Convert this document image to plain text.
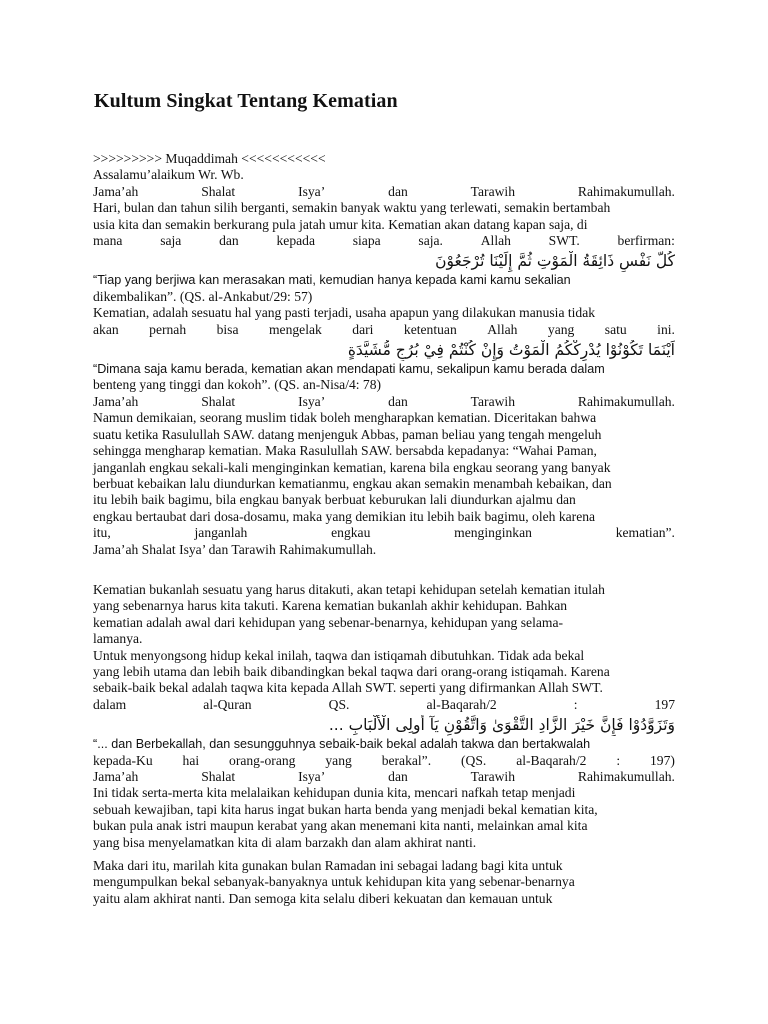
Kultum Singkat Tentang Kematian
>>>>>>>>> Muqaddimah <<<<<<<<<<<
Assalamu’alaikum Wr. Wb.
Jama’ah	Shalat	Isya’	dan	Tarawih	Rahimakumullah.
Hari, bulan dan tahun silih berganti, semakin banyak waktu yang terlewati, semakin bertambah
usia kita dan semakin berkurang pula jatah umur kita. Kematian akan datang kapan saja, di
mana	saja	dan	kepada	siapa	saja.	Allah	SWT.	berfirman:
كُلُّ نَفْسٍ ذَائِقَةُ الْمَوْتِ ثُمَّ إِلَيْنَا تُرْجَعُوْنَ
“Tiap yang berjiwa kan merasakan mati, kemudian hanya kepada kami kamu sekalian
dikembalikan”. (QS. al-Ankabut/29: 57)
Kematian, adalah sesuatu hal yang pasti terjadi, usaha apapun yang dilakukan manusia tidak
akan pernah bisa mengelak dari ketentuan Allah yang satu ini.
اَيْنَمَا تَكُوْنُوْا يُدْرِكْكُمُ الْمَوْتُ وَإِنْ كُنْتُمْ فِيْ بُرُجٍ مُّشَيَّدَةٍ
“Dimana saja kamu berada, kematian akan mendapati kamu, sekalipun kamu berada dalam
benteng yang tinggi dan kokoh”. (QS. an-Nisa/4: 78)
Jama’ah	Shalat	Isya’	dan	Tarawih	Rahimakumullah.
Namun demikaian, seorang muslim tidak boleh mengharapkan kematian. Diceritakan bahwa
suatu ketika Rasulullah SAW. datang menjenguk Abbas, paman beliau yang tengah mengeluh
sehingga mengharap kematian. Maka Rasulullah SAW. bersabda kepadanya: “Wahai Paman,
janganlah engkau sekali-kali menginginkan kematian, karena bila engkau seorang yang banyak
berbuat kebaikan lalu diundurkan kematianmu, engkau akan semakin menambah kebaikan, dan
itu lebih baik bagimu, bila engkau banyak berbuat keburukan lali diundurkan ajalmu dan
engkau bertaubat dari dosa-dosamu, maka yang demikian itu lebih baik bagimu, oleh karena
itu,	janganlah	engkau	menginginkan	kematian”.
Jama’ah Shalat Isya’ dan Tarawih Rahimakumullah.
Kematian bukanlah sesuatu yang harus ditakuti, akan tetapi kehidupan setelah kematian itulah
yang sebenarnya harus kita takuti. Karena kematian bukanlah akhir kehidupan. Bahkan
kematian adalah awal dari kehidupan yang sebenar-benarnya, kehidupan yang selama-
lamanya.
Untuk menyongsong hidup kekal inilah, taqwa dan istiqamah dibutuhkan. Tidak ada bekal
yang lebih utama dan lebih baik dibandingkan bekal taqwa dari orang-orang istiqamah. Karena
sebaik-baik bekal adalah taqwa kita kepada Allah SWT. seperti yang difirmankan Allah SWT.
dalam	al-Quran	QS.	al-Baqarah/2	:	197
وَتَزَوَّدُوْا فَإِنَّ خَيْرَ الزَّادِ التَّقْوَىٰ وَاتَّقُوْنِ يَآ أُولِى الْأَلْبَابِ ...
“... dan Berbekallah, dan sesungguhnya sebaik-baik bekal adalah takwa dan bertakwalah
kepada-Ku hai orang-orang yang berakal”. (QS. al-Baqarah/2 : 197)
Jama’ah	Shalat	Isya’	dan	Tarawih	Rahimakumullah.
Ini tidak serta-merta kita melalaikan kehidupan dunia kita, mencari nafkah tetap menjadi
sebuah kewajiban, tapi kita harus ingat bukan harta benda yang menjadi bekal kematian kita,
bukan pula anak istri maupun kerabat yang akan menemani kita nanti, melainkan amal kita
yang bisa menyelamatkan kita di alam barzakh dan alam akhirat nanti.
Maka dari itu, marilah kita gunakan bulan Ramadan ini sebagai ladang bagi kita untuk
mengumpulkan bekal sebanyak-banyaknya untuk kehidupan kita yang sebenar-benarnya
yaitu alam akhirat nanti. Dan semoga kita selalu diberi kekuatan dan kemauan untuk
